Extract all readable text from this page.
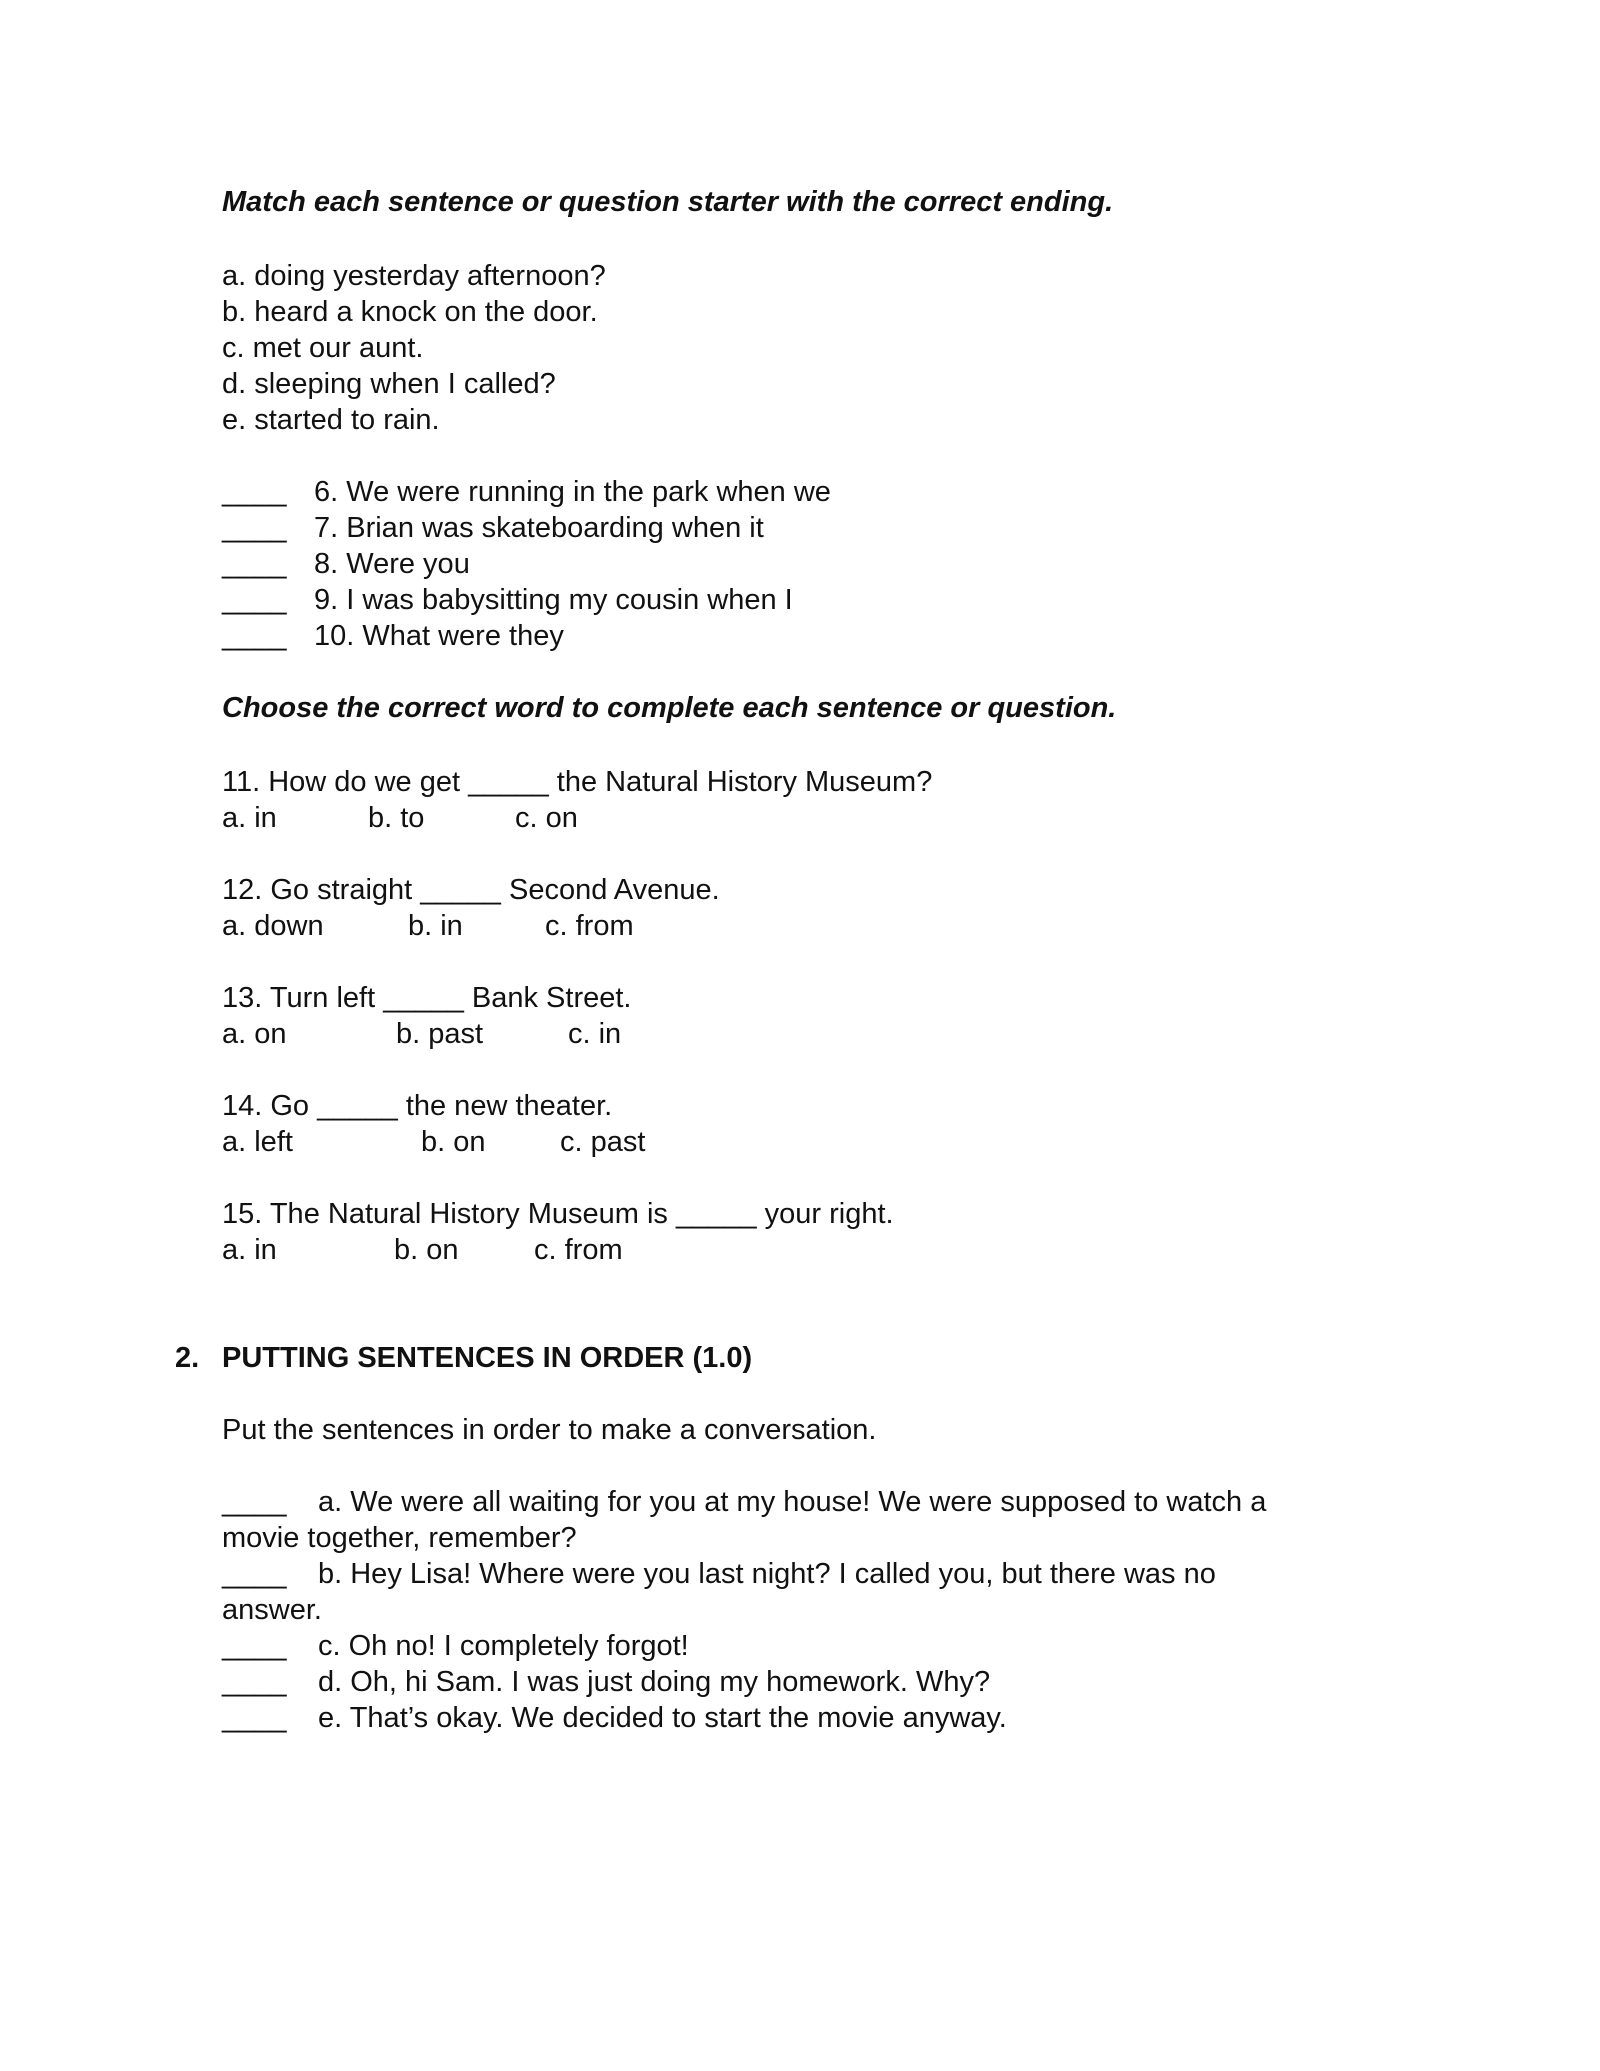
Match each sentence or question starter with the correct ending.
a. doing yesterday afternoon?
b. heard a knock on the door.
c. met our aunt.
d. sleeping when I called?
e. started to rain.
____ 6. We were running in the park when we
____ 7. Brian was skateboarding when it
____ 8. Were you
____ 9. I was babysitting my cousin when I
____ 10. What were they
Choose the correct word to complete each sentence or question.
11. How do we get _____ the Natural History Museum?
a. in	b. to	c. on
12. Go straight _____ Second Avenue.
a. down	b. in	c. from
13. Turn left _____ Bank Street.
a. on	b. past	c. in
14. Go _____ the new theater.
a. left	b. on	c. past
15. The Natural History Museum is _____ your right.
a. in	b. on	c. from
2. PUTTING SENTENCES IN ORDER (1.0)
Put the sentences in order to make a conversation.
____ a. We were all waiting for you at my house! We were supposed to watch a
movie together, remember?
____ b. Hey Lisa! Where were you last night? I called you, but there was no
answer.
____ c. Oh no! I completely forgot!
____ d. Oh, hi Sam. I was just doing my homework. Why?
____ e. That’s okay. We decided to start the movie anyway.
